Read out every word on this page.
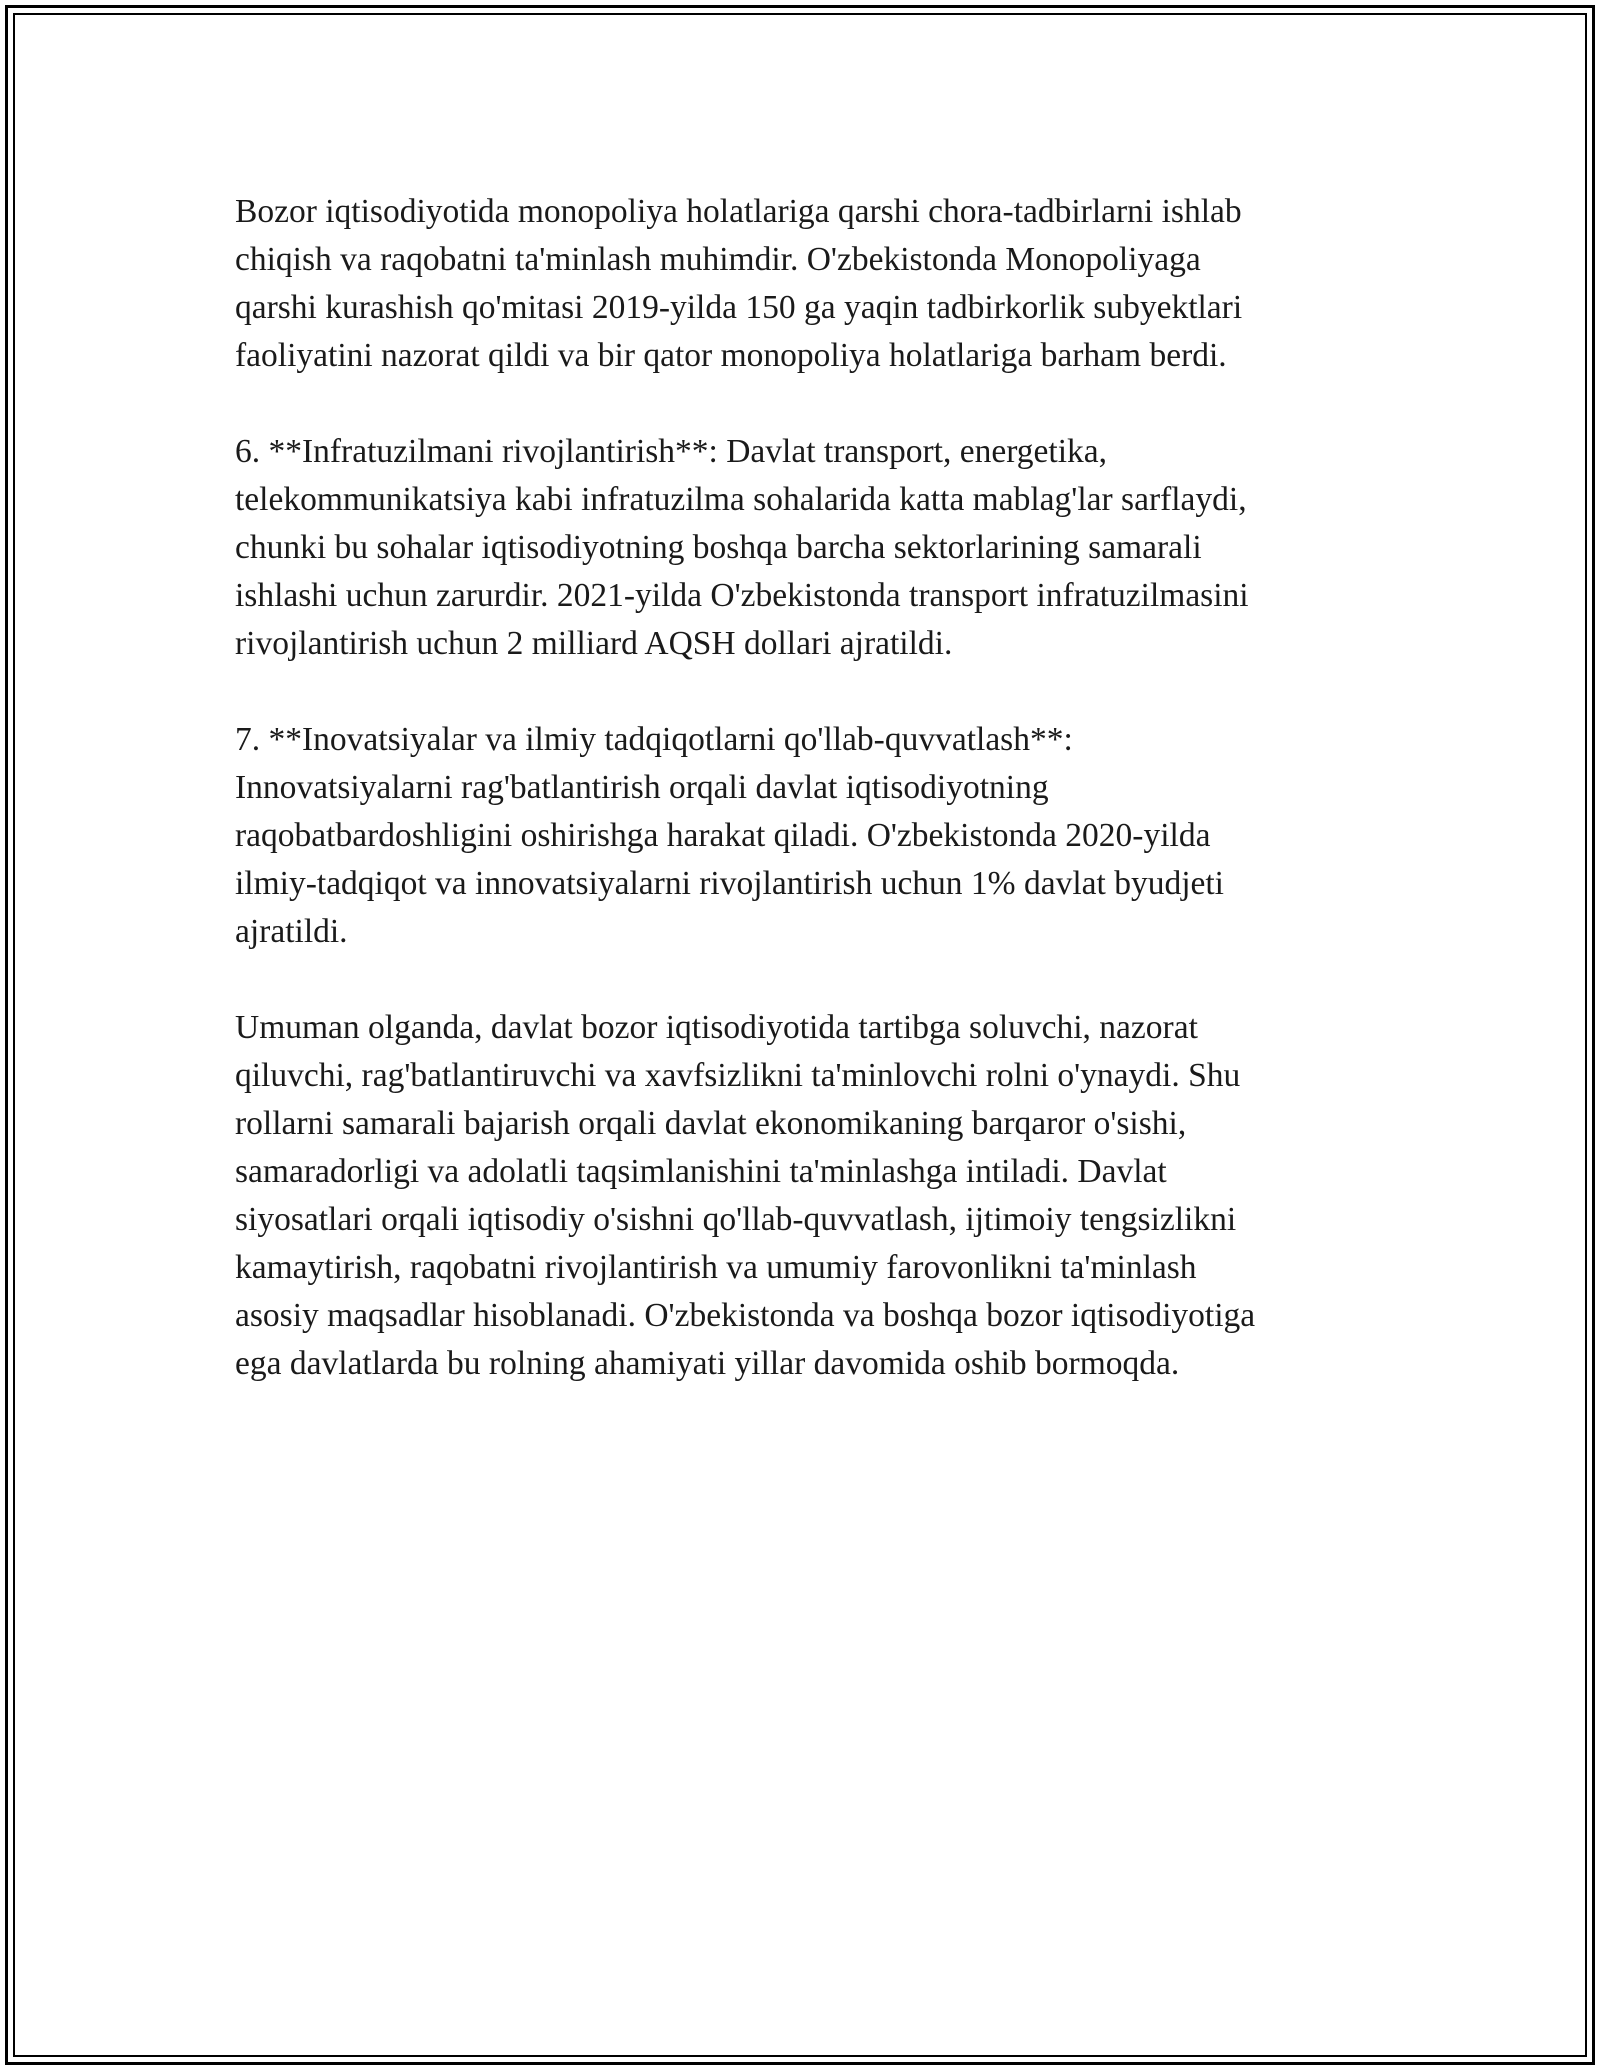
Bozor iqtisodiyotida monopoliya holatlariga qarshi chora-tadbirlarni ishlab
chiqish va raqobatni ta'minlash muhimdir. O'zbekistonda Monopoliyaga
qarshi kurashish qo'mitasi 2019-yilda 150 ga yaqin tadbirkorlik subyektlari
faoliyatini nazorat qildi va bir qator monopoliya holatlariga barham berdi.

6. **Infratuzilmani rivojlantirish**: Davlat transport, energetika,
telekommunikatsiya kabi infratuzilma sohalarida katta mablag'lar sarflaydi,
chunki bu sohalar iqtisodiyotning boshqa barcha sektorlarining samarali
ishlashi uchun zarurdir. 2021-yilda O'zbekistonda transport infratuzilmasini
rivojlantirish uchun 2 milliard AQSH dollari ajratildi.

7. **Inovatsiyalar va ilmiy tadqiqotlarni qo'llab-quvvatlash**:
Innovatsiyalarni rag'batlantirish orqali davlat iqtisodiyotning
raqobatbardoshligini oshirishga harakat qiladi. O'zbekistonda 2020-yilda
ilmiy-tadqiqot va innovatsiyalarni rivojlantirish uchun 1% davlat byudjeti
ajratildi.

Umuman olganda, davlat bozor iqtisodiyotida tartibga soluvchi, nazorat
qiluvchi, rag'batlantiruvchi va xavfsizlikni ta'minlovchi rolni o'ynaydi. Shu
rollarni samarali bajarish orqali davlat ekonomikaning barqaror o'sishi,
samaradorligi va adolatli taqsimlanishini ta'minlashga intiladi. Davlat
siyosatlari orqali iqtisodiy o'sishni qo'llab-quvvatlash, ijtimoiy tengsizlikni
kamaytirish, raqobatni rivojlantirish va umumiy farovonlikni ta'minlash
asosiy maqsadlar hisoblanadi. O'zbekistonda va boshqa bozor iqtisodiyotiga
ega davlatlarda bu rolning ahamiyati yillar davomida oshib bormoqda.
